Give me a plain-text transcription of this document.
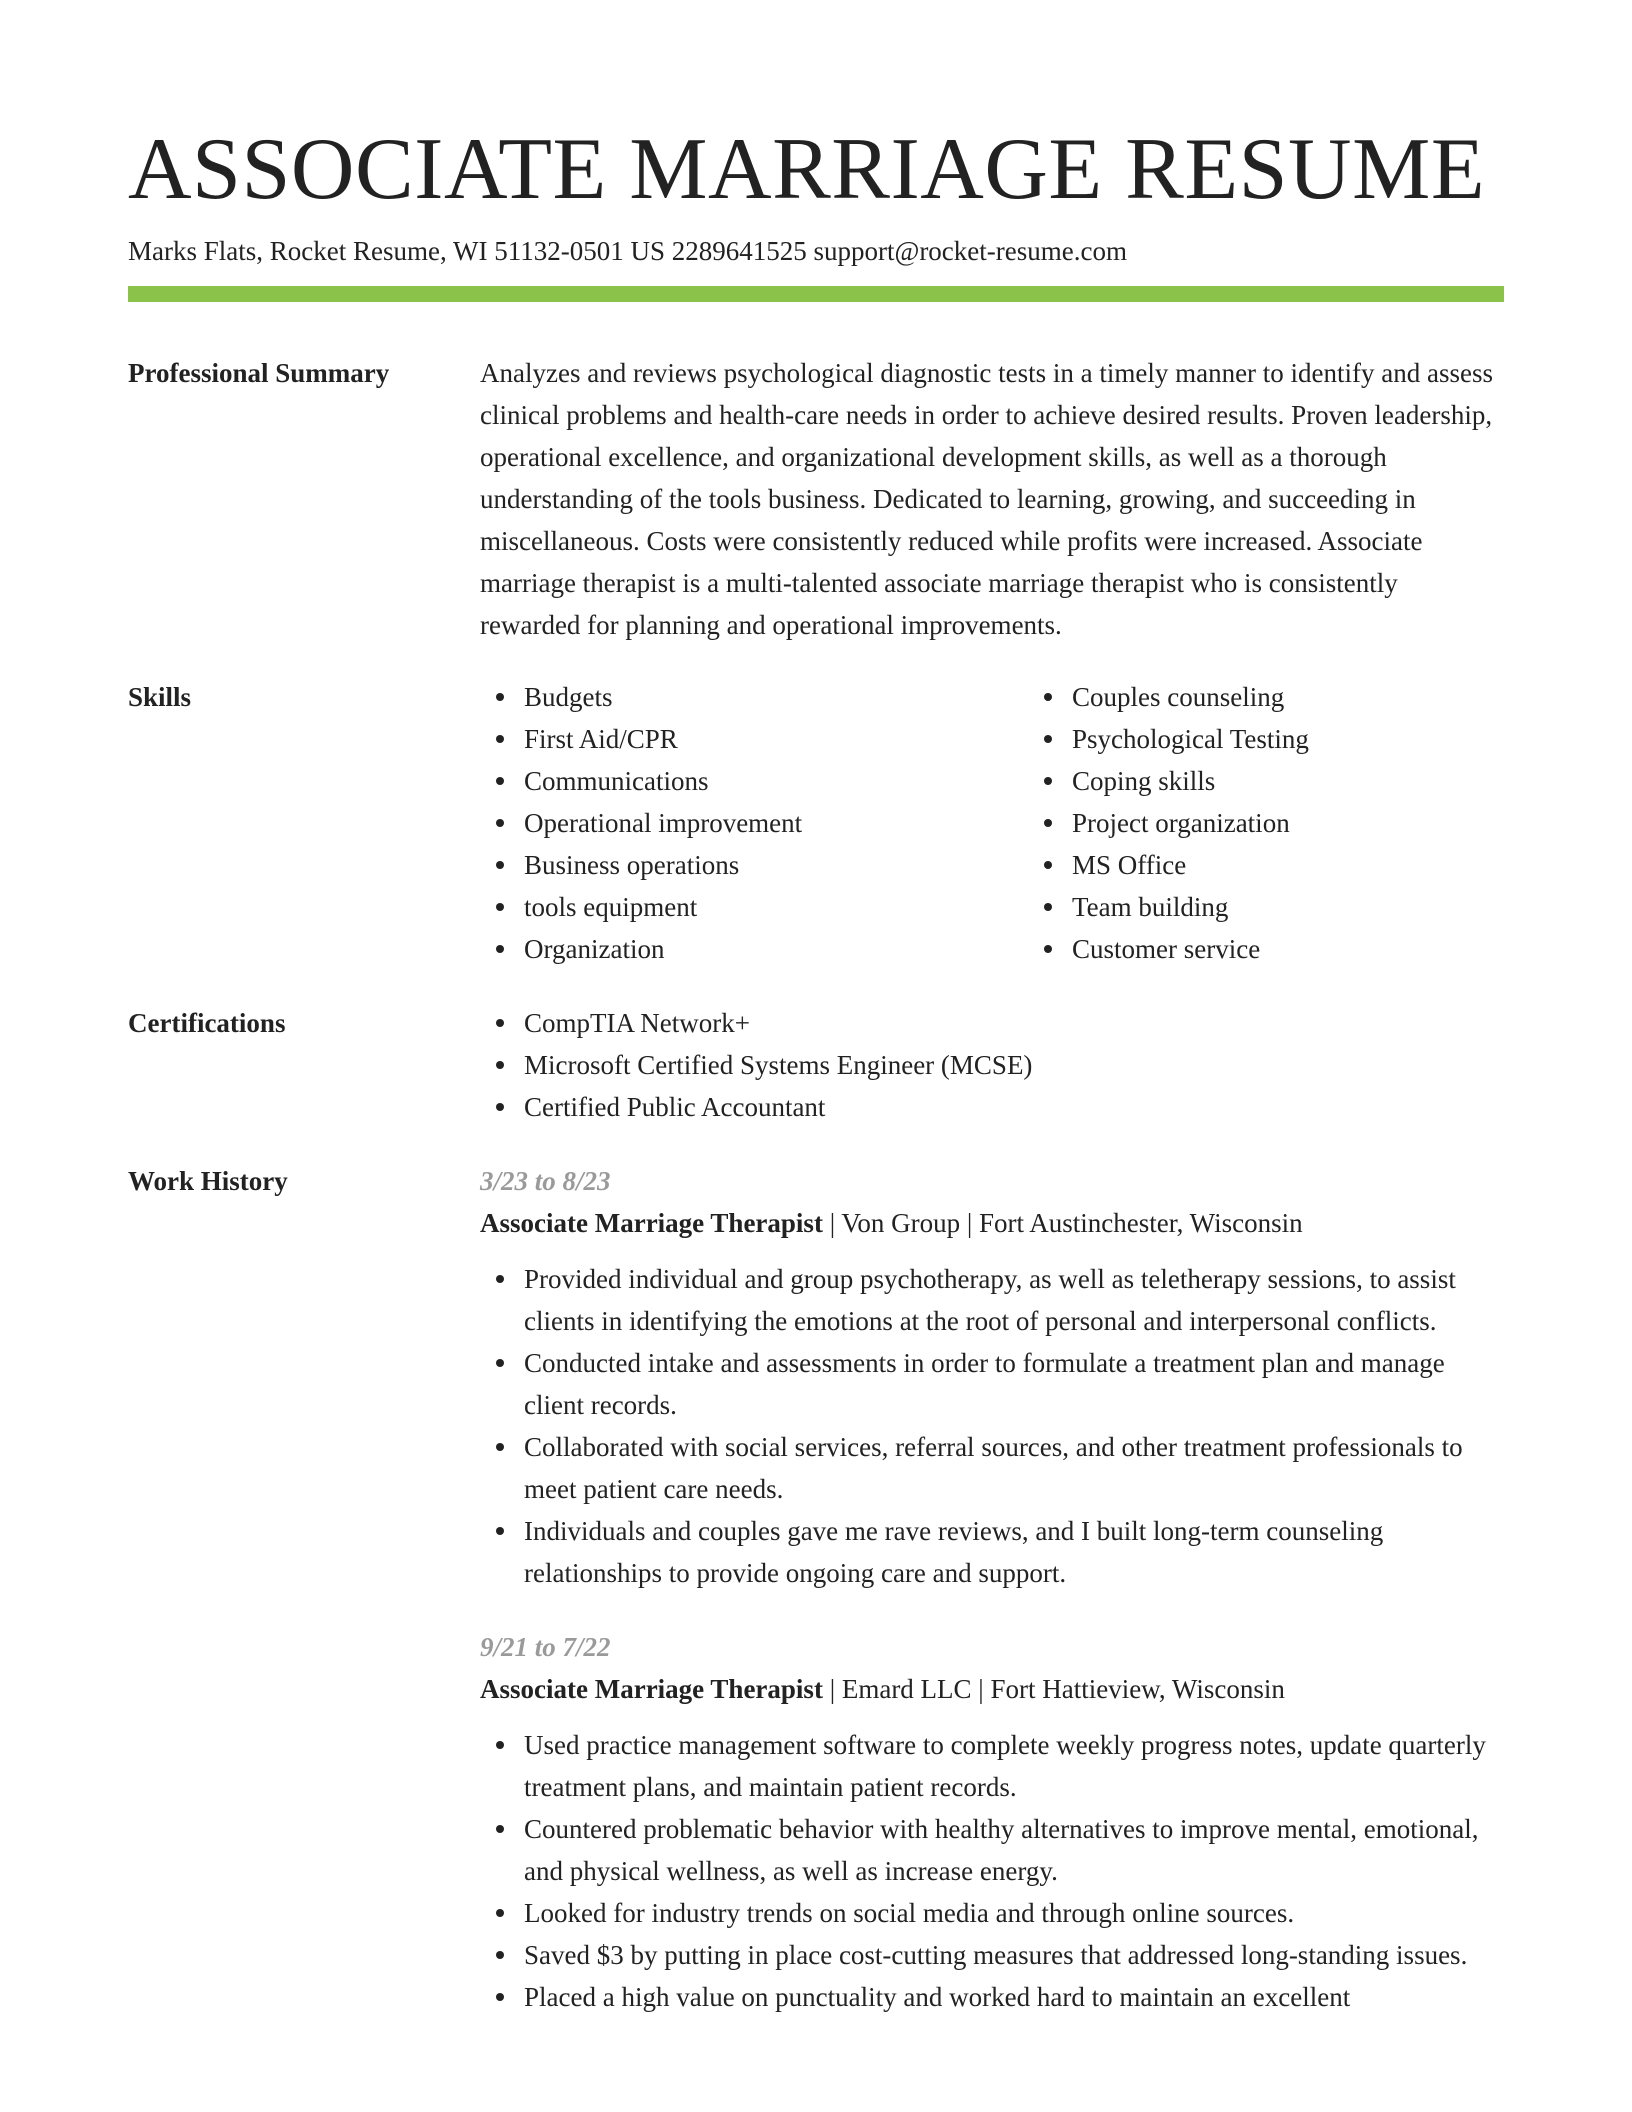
ASSOCIATE MARRIAGE RESUME
Marks Flats, Rocket Resume, WI 51132-0501 US 2289641525 support@rocket-resume.com
Professional Summary	Analyzes and reviews psychological diagnostic tests in a timely manner to identify and assess clinical problems and health-care needs in order to achieve desired results. Proven leadership, operational excellence, and organizational development skills, as well as a thorough understanding of the tools business. Dedicated to learning, growing, and succeeding in miscellaneous. Costs were consistently reduced while profits were increased. Associate marriage therapist is a multi-talented associate marriage therapist who is consistently rewarded for planning and operational improvements.
Skills	Budgets
First Aid/CPR
Communications
Operational improvement
Business operations
tools equipment
Organization
Couples counseling
Psychological Testing
Coping skills
Project organization
MS Office
Team building
Customer service
Certifications	CompTIA Network+
Microsoft Certified Systems Engineer (MCSE)
Certified Public Accountant
Work History	3/23 to 8/23
Associate Marriage Therapist | Von Group | Fort Austinchester, Wisconsin
Provided individual and group psychotherapy, as well as teletherapy sessions, to assist clients in identifying the emotions at the root of personal and interpersonal conflicts.
Conducted intake and assessments in order to formulate a treatment plan and manage client records.
Collaborated with social services, referral sources, and other treatment professionals to meet patient care needs.
Individuals and couples gave me rave reviews, and I built long-term counseling relationships to provide ongoing care and support.
9/21 to 7/22
Associate Marriage Therapist | Emard LLC | Fort Hattieview, Wisconsin
Used practice management software to complete weekly progress notes, update quarterly treatment plans, and maintain patient records.
Countered problematic behavior with healthy alternatives to improve mental, emotional, and physical wellness, as well as increase energy.
Looked for industry trends on social media and through online sources.
Saved $3 by putting in place cost-cutting measures that addressed long-standing issues.
Placed a high value on punctuality and worked hard to maintain an excellent
